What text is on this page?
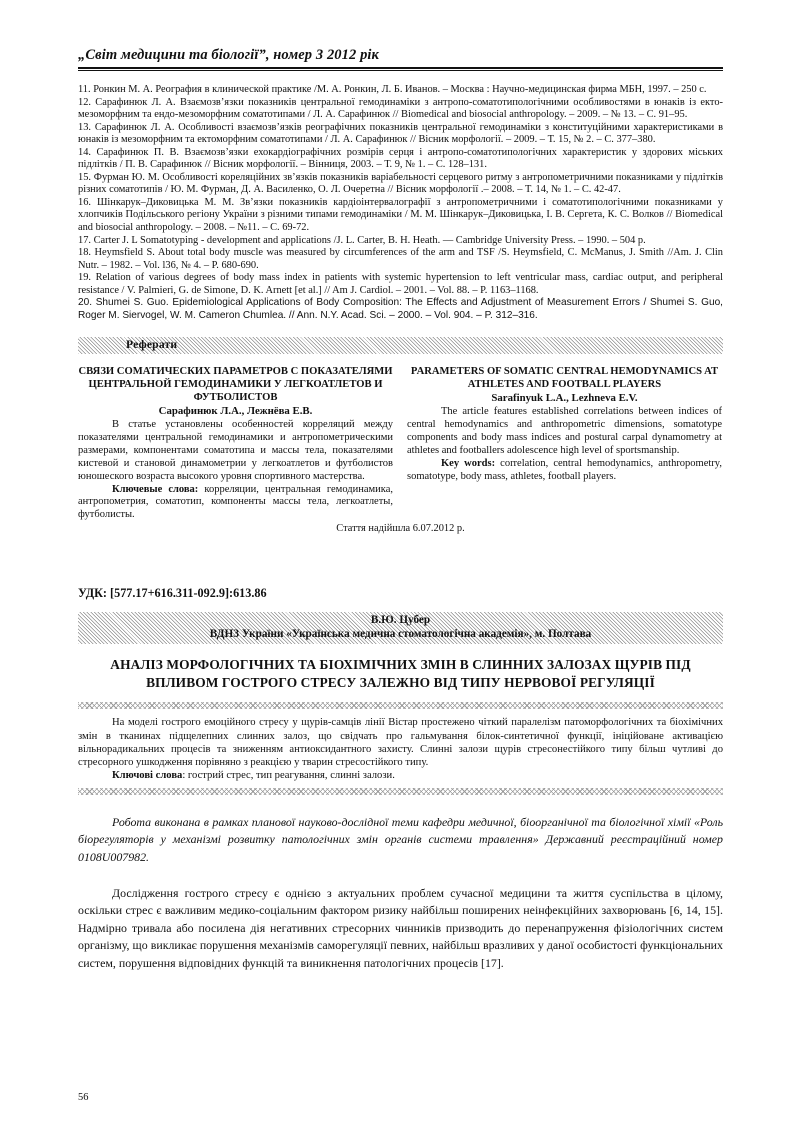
„Світ медицини та біології”, номер 3 2012 рік

11. Ронкин М. А. Реография в клинической практике /М. А. Ронкин, Л. Б. Иванов. – Москва : Научно-медицинская фирма МБН, 1997. – 250 с.

12. Сарафинюк Л. А. Взаємозв’язки показників центральної гемодинаміки з антропо-соматотипологічними особливостями в юнаків із екто-мезоморфним та ендо-мезоморфним соматотипами / Л. А. Сарафинюк // Biomedical and biosocial anthropology. – 2009. – № 13. – С. 91–95.

13. Сарафинюк Л. А. Особливості взаємозв’язків реографічних показників центральної гемодинаміки з конституційними характеристиками в юнаків із мезоморфним та ектоморфним соматотипами / Л. А. Сарафинюк // Вісник морфології. – 2009. – Т. 15, № 2. – С. 377–380.

14. Сарафинюк П. В. Взаємозв’язки ехокардіографічних розмірів серця і антропо-соматотипологічних характеристик у здорових міських підлітків / П. В. Сарафинюк // Вісник морфології. – Вінниця, 2003. – Т. 9, № 1. – С. 128–131.

15. Фурман Ю. М. Особливості кореляційних зв’язків показників варіабельності серцевого ритму з антропометричними показниками у підлітків різних соматотипів / Ю. М. Фурман, Д. А. Василенко, О. Л. Очеретна // Вісник морфології .– 2008. – Т. 14, № 1. – С. 42-47.

16. Шінкарук–Диковицька М. М. Зв’язки показників кардіоінтервалографії з антропометричними і соматотипологічними показниками у хлопчиків Подільського регіону України з різними типами гемодинаміки / М. М. Шінкарук–Диковицька, І. В. Сергета, К. С. Волков // Biomedical and biosocial anthropology. – 2008. – №11. – С. 69-72.

17. Carter J. L Somatotyping - development and applications /J. L. Carter, B. H. Heath. — Cambridge University Press. – 1990. – 504 p.

18. Heymsfield S. About total body muscle was measured by circumferences of the arm and TSF /S. Heymsfield, C. McManus, J. Smith //Am. J. Clin Nutr. – 1982. – Vol. l36, № 4. – P. 680-690.

19. Relation of various degrees of body mass index in patients with systemic hypertension to left ventricular mass, cardiac output, and peripheral resistance / V. Palmieri, G. de Simone, D. K. Arnett [et al.] // Am J. Cardiol. – 2001. – Vol. 88. – P. 1163–1168.

20. Shumei S. Guo. Epidemiological Applications of Body Composition: The Effects and Adjustment of Measurement Errors / Shumei S. Guo, Roger M. Siervogel, W. M. Cameron Chumlea. // Ann. N.Y. Acad. Sci. – 2000. – Vol. 904. – P. 312–316.

Реферати

СВЯЗИ СОМАТИЧЕСКИХ ПАРАМЕТРОВ С ПОКАЗАТЕЛЯМИ ЦЕНТРАЛЬНОЙ ГЕМОДИНАМИКИ У ЛЕГКОАТЛЕТОВ И ФУТБОЛИСТОВ

Сарафинюк Л.А., Лежнёва Е.В.

В статье установлены особенностей корреляций между показателями центральной гемодинамики и антропометрическими размерами, компонентами соматотипа и массы тела, показателями кистевой и становой динамометрии у легкоатлетов и футболистов юношеского возраста высокого уровня спортивного мастерства.

Ключевые слова: корреляции, центральная гемодинамика, антропометрия, соматотип, компоненты массы тела, легкоатлеты, футболисты.

PARAMETERS OF SOMATIC CENTRAL HEMODYNAMICS AT ATHLETES AND FOOTBALL PLAYERS

Sarafinyuk L.A., Lezhneva E.V.

The article features established correlations between indices of central hemodynamics and anthropometric dimensions, somatotype components and body mass indices and postural carpal dynamometry at athletes and footballers adolescence high level of sportsmanship.

Key words: correlation, central hemodynamics, anthropometry, somatotype, body mass, athletes, football players.

Стаття надійшла 6.07.2012 р.
УДК: [577.17+616.311-092.9]:613.86
В.Ю. Цубер
ВДНЗ України «Українська медична стоматологічна академія», м. Полтава
АНАЛІЗ МОРФОЛОГІЧНИХ ТА БІОХІМІЧНИХ ЗМІН В СЛИННИХ ЗАЛОЗАХ ЩУРІВ ПІД ВПЛИВОМ ГОСТРОГО СТРЕСУ ЗАЛЕЖНО ВІД ТИПУ НЕРВОВОЇ РЕГУЛЯЦІЇ

На моделі гострого емоційного стресу у щурів-самців лінії Вістар простежено чіткий паралелізм патоморфологічних та біохімічних змін в тканинах підщелепних слинних залоз, що свідчать про гальмування білок-синтетичної функції, ініційоване активацією вільнорадикальних процесів та зниженням антиоксидантного захисту. Слинні залози щурів стресонестійкого типу більш чутливі до стресорного ушкодження порівняно з реакцією у тварин стресостійкого типу.

Ключові слова: гострий стрес, тип реагування, слинні залози.

Робота виконана в рамках планової науково-дослідної теми кафедри медичної, біоорганічної та біологічної хімії «Роль біорегуляторів у механізмі розвитку патологічних змін органів системи травлення» Державний реєстраційний номер 0108U007982.

Дослідження гострого стресу є однією з актуальних проблем сучасної медицини та життя суспільства в цілому, оскільки стрес є важливим медико-соціальним фактором ризику найбільш поширених неінфекційних захворювань [6, 14, 15]. Надмірно тривала або посилена дія негативних стресорних чинників призводить до перенапруження фізіологічних систем організму, що викликає порушення механізмів саморегуляції певних, найбільш вразливих у даної особистості функціональних систем, порушення відповідних функцій та виникнення патологічних процесів [17].

56
